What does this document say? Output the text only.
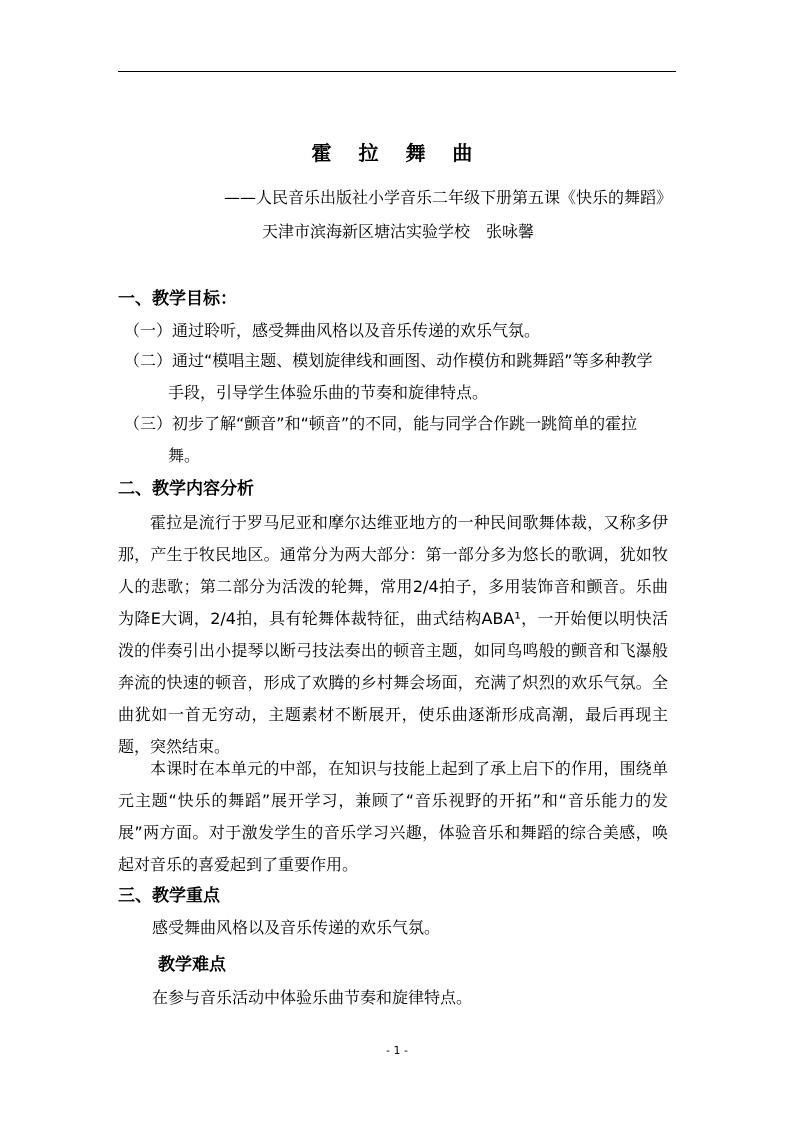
霍 拉 舞 曲
——人民音乐出版社小学音乐二年级下册第五课《快乐的舞蹈》
天津市滨海新区塘沽实验学校 张咏馨
一、教学目标：
（一）通过聆听，感受舞曲风格以及音乐传递的欢乐气氛。
（二）通过“模唱主题、模划旋律线和画图、动作模仿和跳舞蹈”等多种教学
手段，引导学生体验乐曲的节奏和旋律特点。
（三）初步了解“颤音”和“顿音”的不同，能与同学合作跳一跳简单的霍拉
舞。
二、教学内容分析
霍拉是流行于罗马尼亚和摩尔达维亚地方的一种民间歌舞体裁，又称多伊那，产生于牧民地区。通常分为两大部分：第一部分多为悠长的歌调，犹如牧人的悲歌；第二部分为活泼的轮舞，常用2/4拍子，多用装饰音和颤音。乐曲为降E大调，2/4拍，具有轮舞体裁特征，曲式结构ABA¹，一开始便以明快活泼的伴奏引出小提琴以断弓技法奏出的顿音主题，如同鸟鸣般的颤音和飞瀑般奔流的快速的顿音，形成了欢腾的乡村舞会场面，充满了炽烈的欢乐气氛。全曲犹如一首无穷动，主题素材不断展开，使乐曲逐渐形成高潮，最后再现主题，突然结束。
本课时在本单元的中部，在知识与技能上起到了承上启下的作用，围绕单元主题“快乐的舞蹈”展开学习，兼顾了“音乐视野的开拓”和“音乐能力的发展”两方面。对于激发学生的音乐学习兴趣，体验音乐和舞蹈的综合美感，唤起对音乐的喜爱起到了重要作用。
三、教学重点
感受舞曲风格以及音乐传递的欢乐气氛。
教学难点
在参与音乐活动中体验乐曲节奏和旋律特点。
- 1 -
